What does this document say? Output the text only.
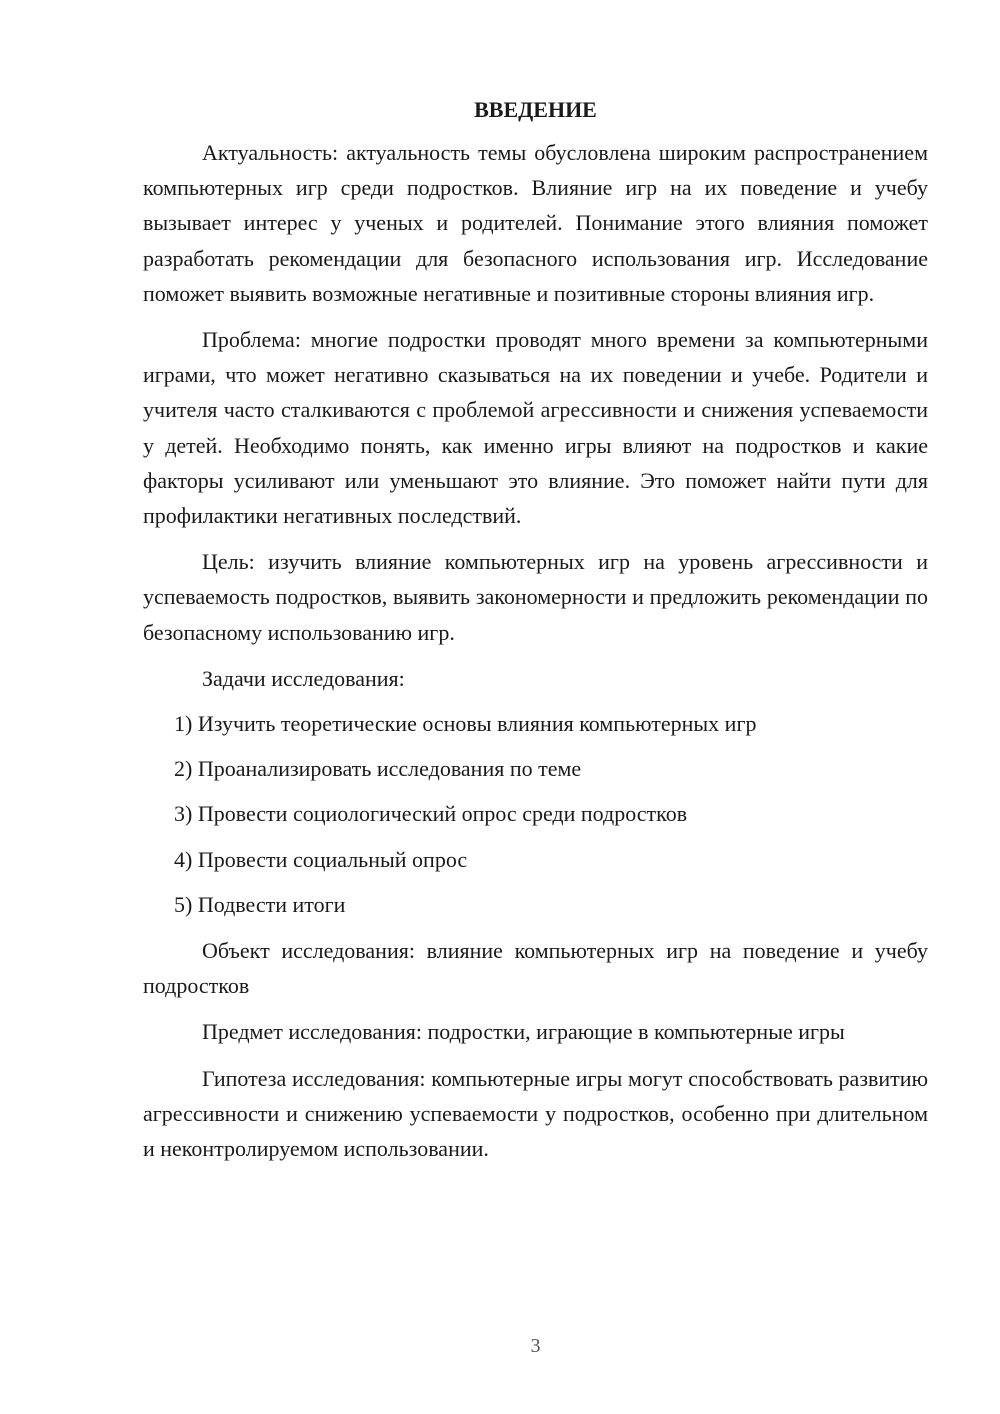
ВВЕДЕНИЕ

Актуальность: актуальность темы обусловлена широким распространением компьютерных игр среди подростков. Влияние игр на их поведение и учебу вызывает интерес у ученых и родителей. Понимание этого влияния поможет разработать рекомендации для безопасного использования игр. Исследование поможет выявить возможные негативные и позитивные стороны влияния игр.

Проблема: многие подростки проводят много времени за компьютерными играми, что может негативно сказываться на их поведении и учебе. Родители и учителя часто сталкиваются с проблемой агрессивности и снижения успеваемости у детей. Необходимо понять, как именно игры влияют на подростков и какие факторы усиливают или уменьшают это влияние. Это поможет найти пути для профилактики негативных последствий.

Цель: изучить влияние компьютерных игр на уровень агрессивности и успеваемость подростков, выявить закономерности и предложить рекомендации по безопасному использованию игр.

Задачи исследования:

1) Изучить теоретические основы влияния компьютерных игр
2) Проанализировать исследования по теме
3) Провести социологический опрос среди подростков
4) Провести социальный опрос
5) Подвести итоги

Объект исследования: влияние компьютерных игр на поведение и учебу подростков

Предмет исследования: подростки, играющие в компьютерные игры

Гипотеза исследования: компьютерные игры могут способствовать развитию агрессивности и снижению успеваемости у подростков, особенно при длительном и неконтролируемом использовании.

3
